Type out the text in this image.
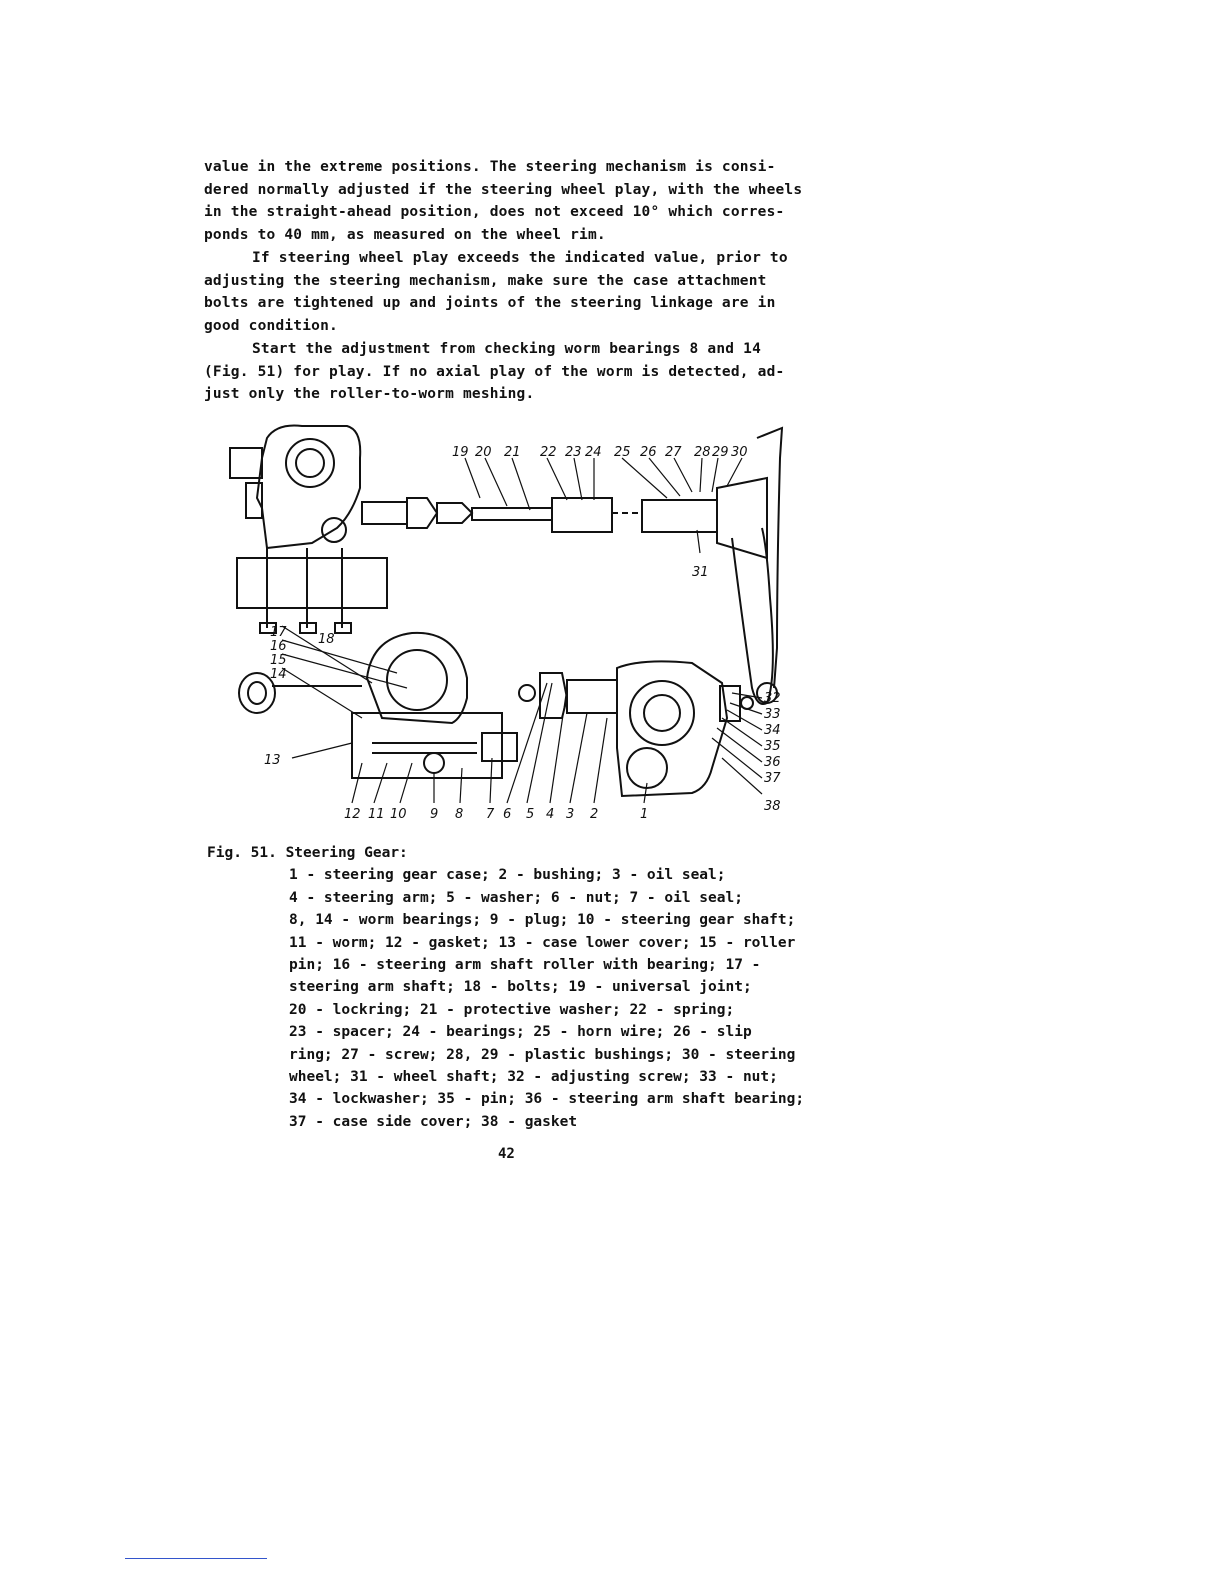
value in the extreme positions. The steering mechanism is consi-
dered normally adjusted if the steering wheel play, with the wheels
in the straight-ahead position, does not exceed 10° which corres-
ponds to 40 mm, as measured on the wheel rim.
If steering wheel play exceeds the indicated value, prior to
adjusting the steering mechanism, make sure the case attachment
bolts are tightened up and joints of the steering linkage are in
good condition.
Start the adjustment from checking worm bearings 8 and 14
(Fig. 51) for play. If no axial play of the worm is detected, ad-
just only the roller-to-worm meshing.
19 20 21 22 23 24 25 26 27 28 29 30
31
17 18
16
15
14
13
12 11 10 9 8 7 6 5 4 3 2	1
32
33
34
35
36
37
38
Fig. 51. Steering Gear:
1 - steering gear case; 2 - bushing; 3 - oil seal;
4 - steering arm; 5 - washer; 6 - nut; 7 - oil seal;
8, 14 - worm bearings; 9 - plug; 10 - steering gear shaft;
11 - worm; 12 - gasket; 13 - case lower cover; 15 - roller
pin; 16 - steering arm shaft roller with bearing; 17 -
steering arm shaft; 18 - bolts; 19 - universal joint;
20 - lockring; 21 - protective washer; 22 - spring;
23 - spacer; 24 - bearings; 25 - horn wire; 26 - slip
ring; 27 - screw; 28, 29 - plastic bushings; 30 - steering
wheel; 31 - wheel shaft; 32 - adjusting screw; 33 - nut;
34 - lockwasher; 35 - pin; 36 - steering arm shaft bearing;
37 - case side cover; 38 - gasket
42
